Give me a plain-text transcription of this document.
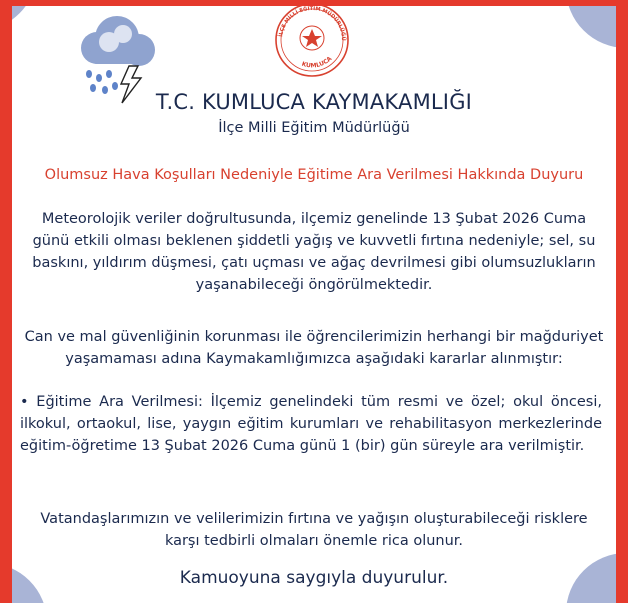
İLÇE MİLLİ EĞİTİM MÜDÜRLÜĞÜ
KUMLUCA
T.C. KUMLUCA KAYMAKAMLIĞI
İlçe Milli Eğitim Müdürlüğü
Olumsuz Hava Koşulları Nedeniyle Eğitime Ara Verilmesi Hakkında Duyuru
Meteorolojik veriler doğrultusunda, ilçemiz genelinde 13 Şubat 2026 Cuma günü etkili olması beklenen şiddetli yağış ve kuvvetli fırtına nedeniyle; sel, su baskını, yıldırım düşmesi, çatı uçması ve ağaç devrilmesi gibi olumsuzlukların yaşanabileceği öngörülmektedir.
Can ve mal güvenliğinin korunması ile öğrencilerimizin herhangi bir mağduriyet yaşamaması adına Kaymakamlığımızca aşağıdaki kararlar alınmıştır:
• Eğitime Ara Verilmesi: İlçemiz genelindeki tüm resmi ve özel; okul öncesi, ilkokul, ortaokul, lise, yaygın eğitim kurumları ve rehabilitasyon merkezlerinde eğitim-öğretime 13 Şubat 2026 Cuma günü 1 (bir) gün süreyle ara verilmiştir.
Vatandaşlarımızın ve velilerimizin fırtına ve yağışın oluşturabileceği risklere karşı tedbirli olmaları önemle rica olunur.
Kamuoyuna saygıyla duyurulur.
